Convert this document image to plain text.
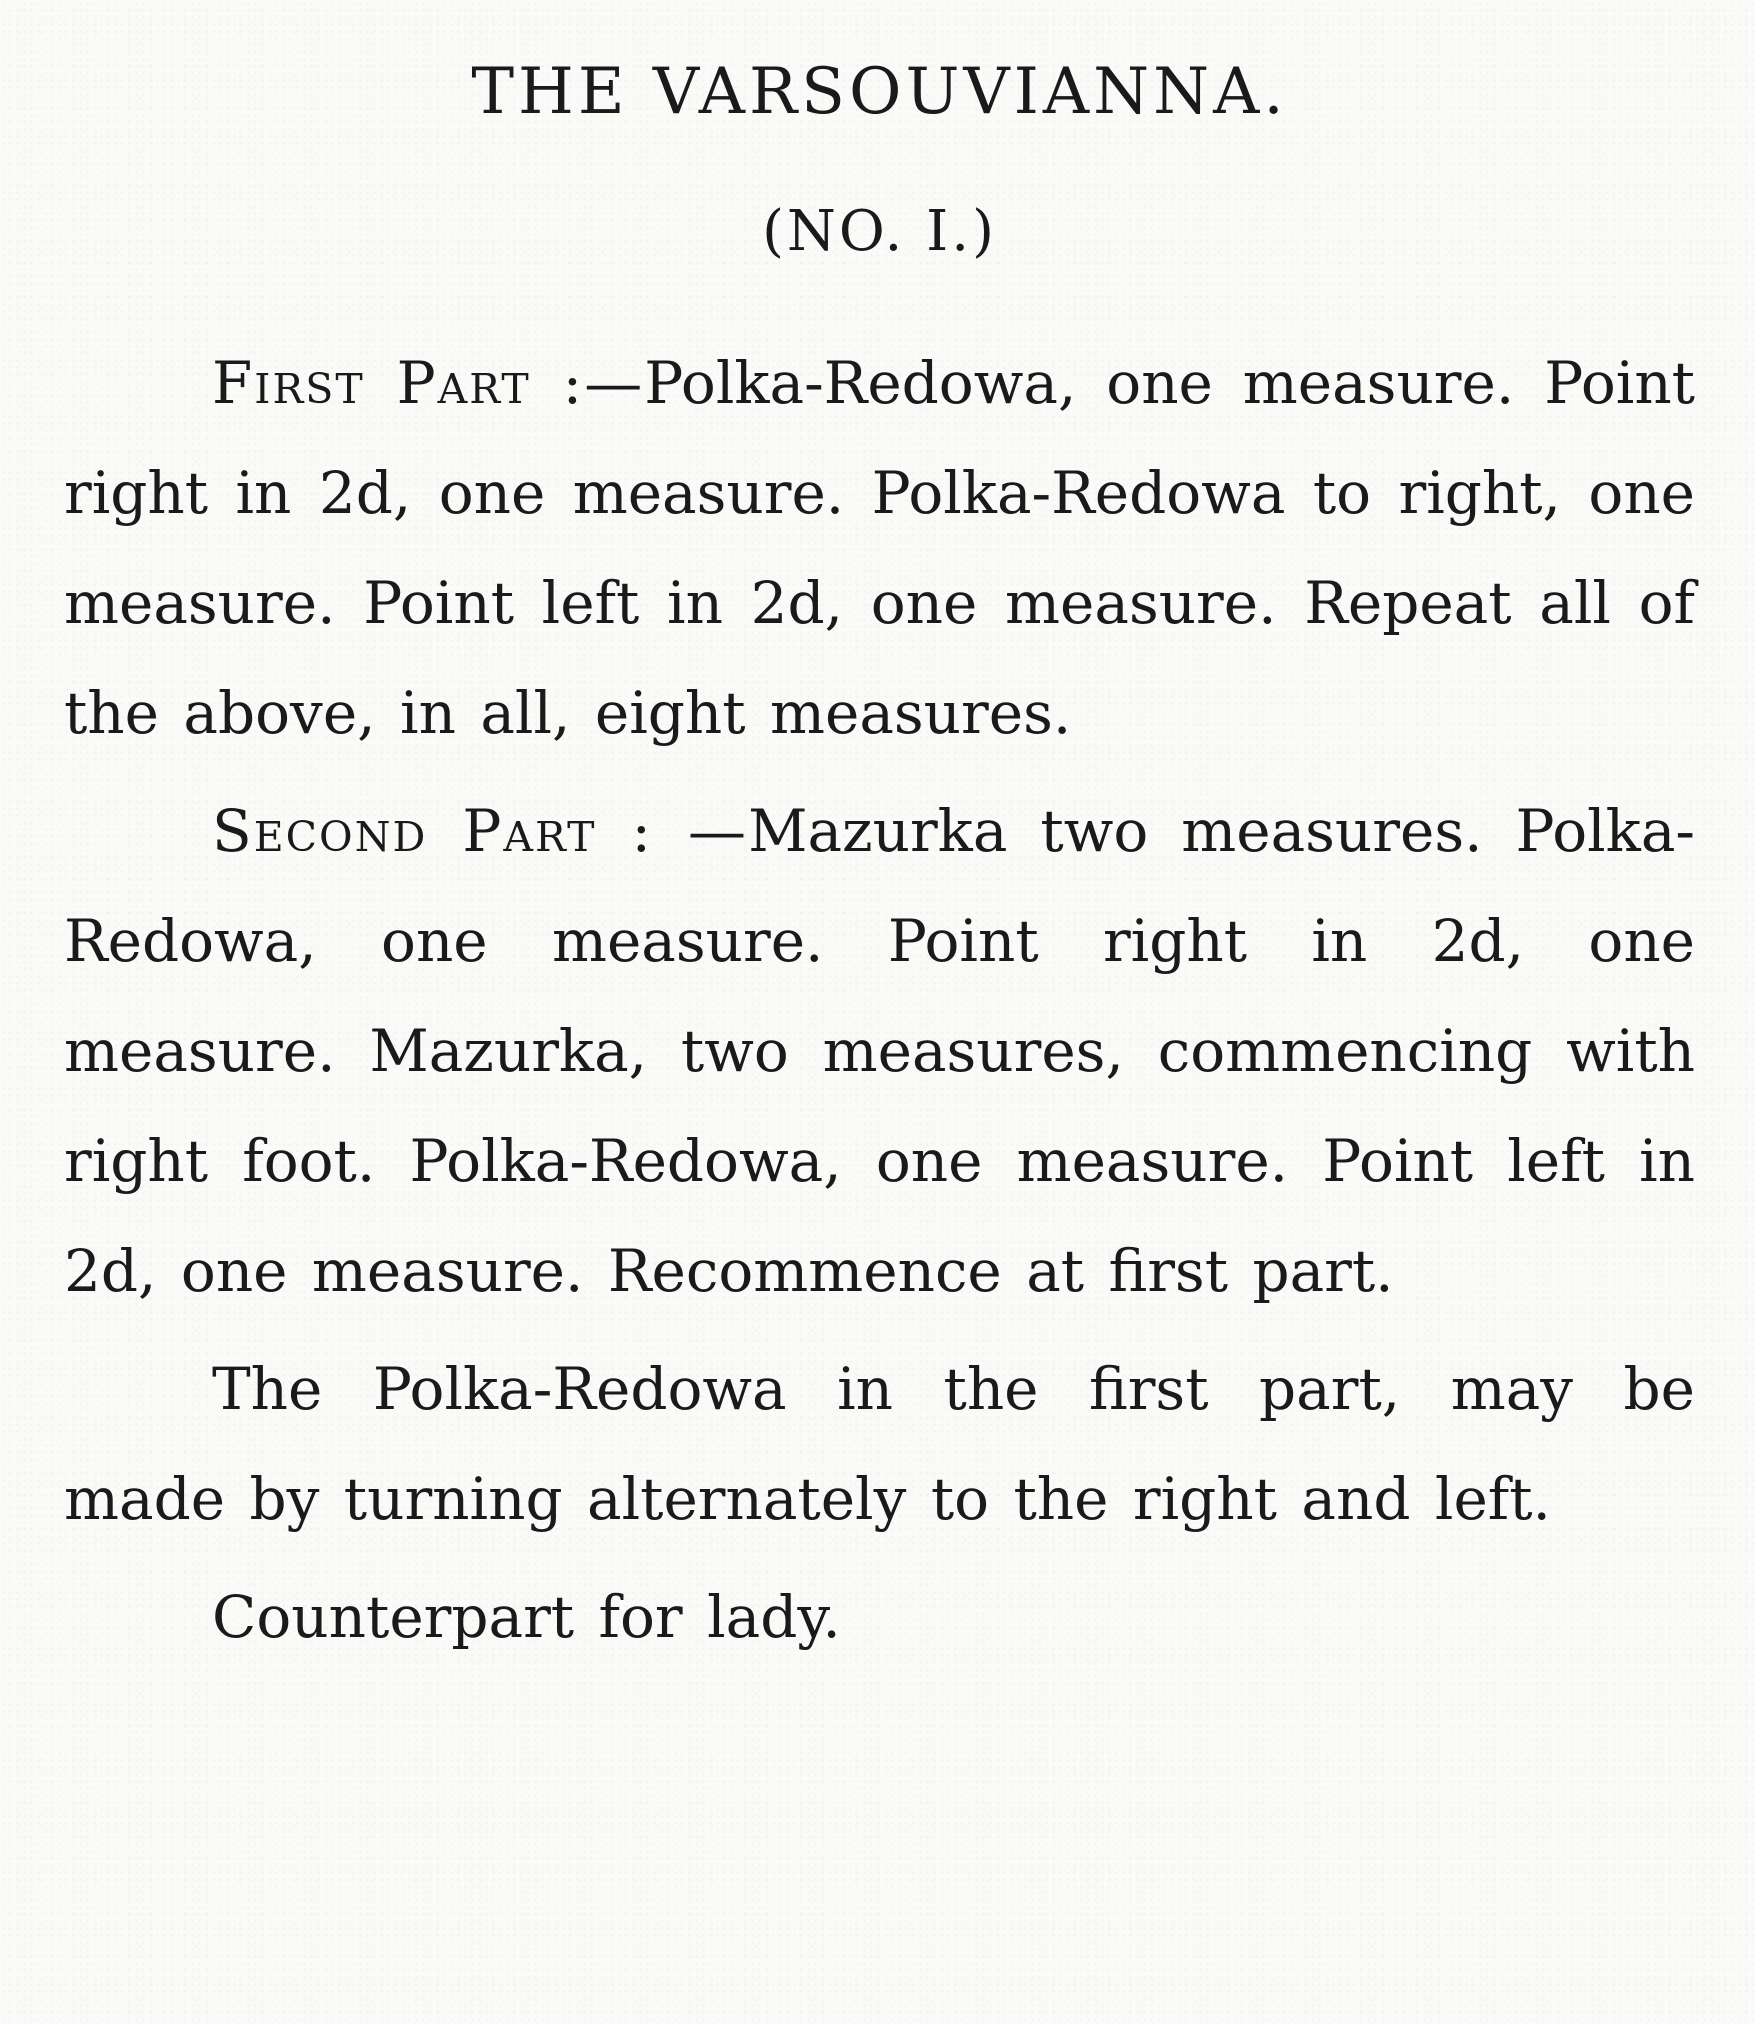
THE VARSOUVIANNA.
(NO. I.)

First Part :—Polka-Redowa, one measure. Point right in 2d, one measure. Polka-Redowa to right, one measure. Point left in 2d, one measure. Repeat all of the above, in all, eight measures.

Second Part : —Mazurka two measures. Polka-Redowa, one measure. Point right in 2d, one measure. Mazurka, two measures, commencing with right foot. Polka-Redowa, one measure. Point left in 2d, one measure. Recommence at first part.

The Polka-Redowa in the first part, may be made by turning alternately to the right and left.

Counterpart for lady.
